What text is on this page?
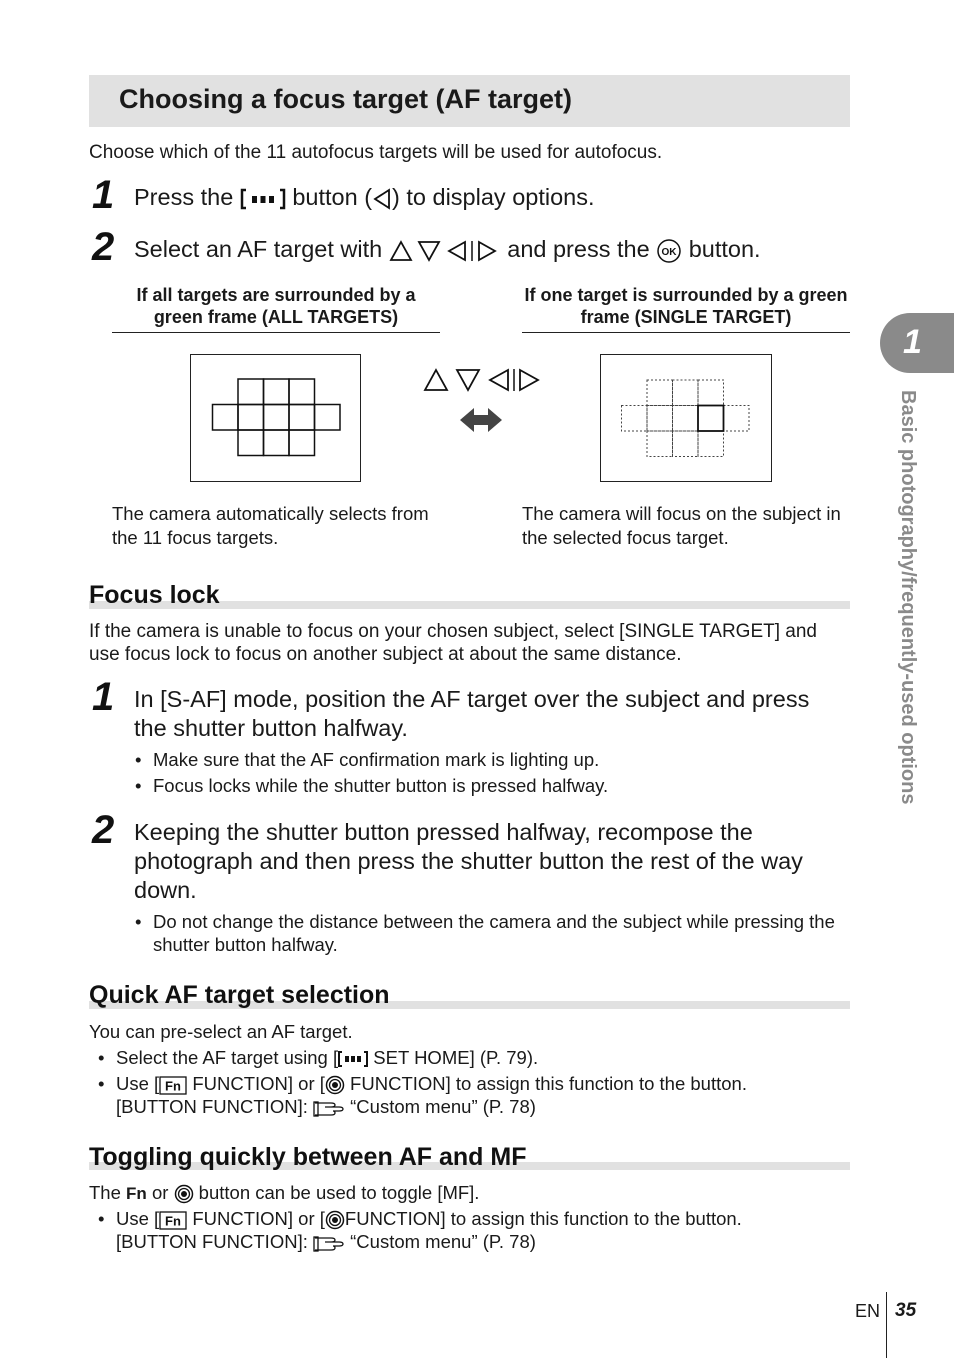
Choosing a focus target (AF target)
Choose which of the 11 autofocus targets will be used for autofocus.
1 Press the  button ( ) to display options.
2 Select an AF target with	and press the OK button.
If all targets are surrounded by a green frame (ALL TARGETS)
If one target is surrounded by a green frame (SINGLE TARGET)
The camera automatically selects from the 11 focus targets.
The camera will focus on the subject in the selected focus target.
Focus lock
If the camera is unable to focus on your chosen subject, select [SINGLE TARGET] and use focus lock to focus on another subject at about the same distance.
1 In [S-AF] mode, position the AF target over the subject and press the shutter button halfway.
• Make sure that the AF confirmation mark is lighting up.
• Focus locks while the shutter button is pressed halfway.
2 Keeping the shutter button pressed halfway, recompose the photograph and then press the shutter button the rest of the way down.
• Do not change the distance between the camera and the subject while pressing the shutter button halfway.
Quick AF target selection
You can pre-select an AF target.
• Select the AF target using [ SET HOME] (P. 79).
• Use [ Fn FUNCTION] or [ FUNCTION] to assign this function to the button.
[BUTTON FUNCTION]:  “Custom menu” (P. 78)
Toggling quickly between AF and MF
The Fn or  button can be used to toggle [MF].
• Use [ Fn FUNCTION] or [ FUNCTION] to assign this function to the button.
[BUTTON FUNCTION]:  “Custom menu” (P. 78)
1
Basic photography/frequently-used options
EN 35
